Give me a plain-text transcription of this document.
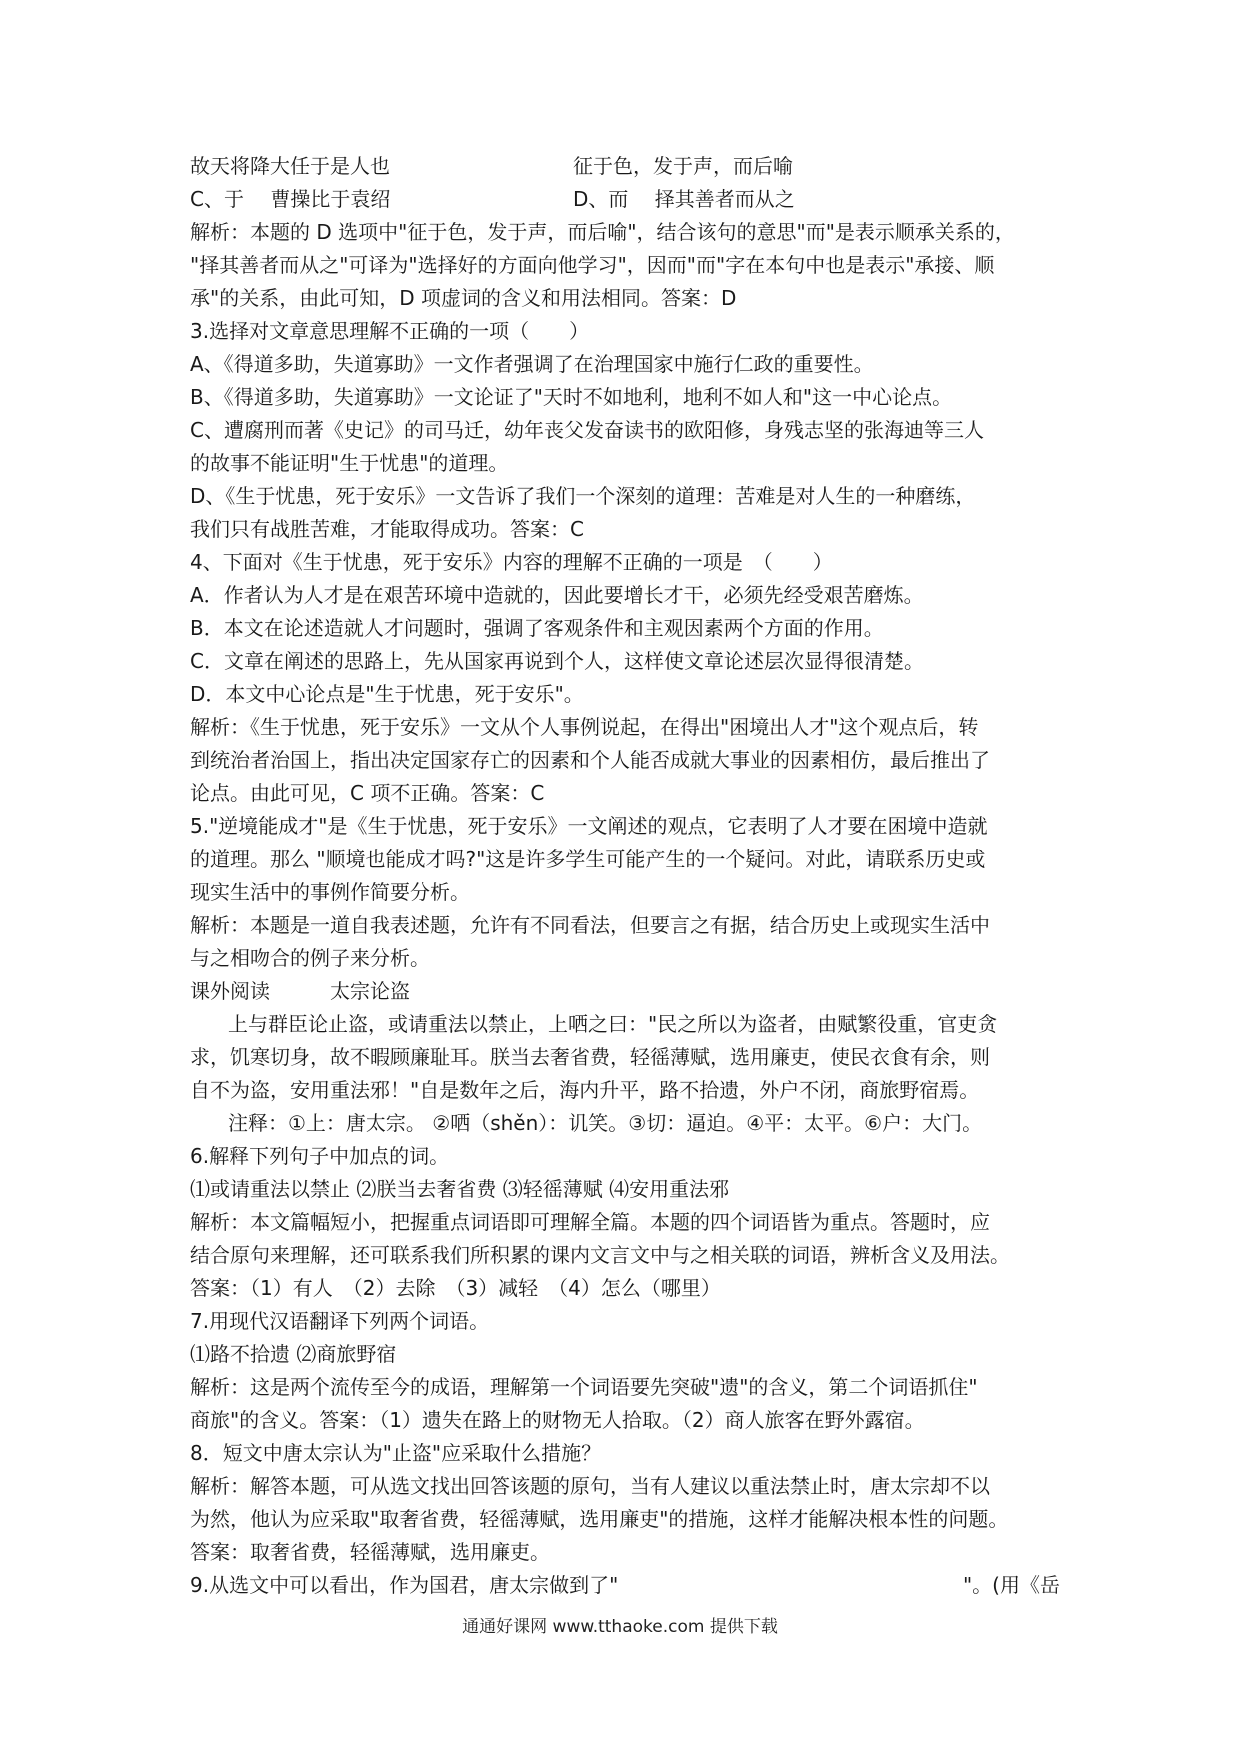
故天将降大任于是人也	征于色，发于声，而后喻
C、于　 曹操比于袁绍	D、而　 择其善者而从之
解析：本题的 D 选项中"征于色，发于声，而后喻"，结合该句的意思"而"是表示顺承关系的，
"择其善者而从之"可译为"选择好的方面向他学习"，因而"而"字在本句中也是表示"承接、顺
承"的关系，由此可知，D 项虚词的含义和用法相同。答案：D
3.选择对文章意思理解不正确的一项（　　）
A、《得道多助，失道寡助》一文作者强调了在治理国家中施行仁政的重要性。
B、《得道多助，失道寡助》一文论证了"天时不如地利，地利不如人和"这一中心论点。
C、遭腐刑而著《史记》的司马迁，幼年丧父发奋读书的欧阳修，身残志坚的张海迪等三人
的故事不能证明"生于忧患"的道理。
D、《生于忧患，死于安乐》一文告诉了我们一个深刻的道理：苦难是对人生的一种磨练，
我们只有战胜苦难，才能取得成功。答案：C
4、下面对《生于忧患，死于安乐》内容的理解不正确的一项是　（　　）
A．作者认为人才是在艰苦环境中造就的，因此要增长才干，必须先经受艰苦磨炼。
B．本文在论述造就人才问题时，强调了客观条件和主观因素两个方面的作用。
C．文章在阐述的思路上，先从国家再说到个人，这样使文章论述层次显得很清楚。
D．本文中心论点是"生于忧患，死于安乐"。
解析：《生于忧患，死于安乐》一文从个人事例说起，在得出"困境出人才"这个观点后，转
到统治者治国上，指出决定国家存亡的因素和个人能否成就大事业的因素相仿，最后推出了
论点。由此可见，C 项不正确。答案：C
5."逆境能成才"是《生于忧患，死于安乐》一文阐述的观点，它表明了人才要在困境中造就
的道理。那么 "顺境也能成才吗?"这是许多学生可能产生的一个疑问。对此，请联系历史或
现实生活中的事例作简要分析。
解析：本题是一道自我表述题，允许有不同看法，但要言之有据，结合历史上或现实生活中
与之相吻合的例子来分析。
课外阅读　　　太宗论盗
上与群臣论止盗，或请重法以禁止，上哂之曰："民之所以为盗者，由赋繁役重，官吏贪
求，饥寒切身，故不暇顾廉耻耳。朕当去奢省费，轻徭薄赋，选用廉吏，使民衣食有余，则
自不为盗，安用重法邪！"自是数年之后，海内升平，路不拾遗，外户不闭，商旅野宿焉。
注释：①上：唐太宗。 ②哂（shěn）：讥笑。③切：逼迫。④平：太平。⑥户：大门。
6.解释下列句子中加点的词。
⑴或请重法以禁止 ⑵朕当去奢省费 ⑶轻徭薄赋 ⑷安用重法邪
解析：本文篇幅短小，把握重点词语即可理解全篇。本题的四个词语皆为重点。答题时，应
结合原句来理解，还可联系我们所积累的课内文言文中与之相关联的词语，辨析含义及用法。
答案：（1）有人　（2）去除　（3）减轻　（4）怎么（哪里）
7.用现代汉语翻译下列两个词语。
⑴路不拾遗 ⑵商旅野宿
解析：这是两个流传至今的成语，理解第一个词语要先突破"遗"的含义，第二个词语抓住"
商旅"的含义。答案：（1）遗失在路上的财物无人拾取。（2）商人旅客在野外露宿。
8．短文中唐太宗认为"止盗"应采取什么措施？
解析：解答本题，可从选文找出回答该题的原句，当有人建议以重法禁止时，唐太宗却不以
为然，他认为应采取"取奢省费，轻徭薄赋，选用廉吏"的措施，这样才能解决根本性的问题。
答案：取奢省费，轻徭薄赋，选用廉吏。
9.从选文中可以看出，作为国君，唐太宗做到了"	"。(用《岳
通通好课网 www.tthaoke.com 提供下载
